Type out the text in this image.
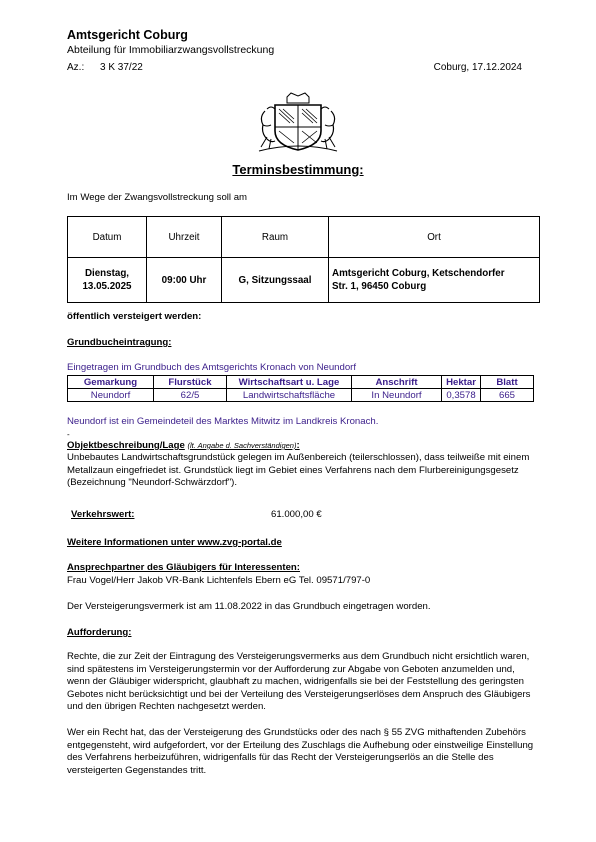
Amtsgericht Coburg
Abteilung für Immobiliarzwangsvollstreckung
Az.: 3 K 37/22	Coburg, 17.12.2024
Terminsbestimmung:
Im Wege der Zwangsvollstreckung soll am
Datum	Uhrzeit	Raum	Ort
Dienstag,
13.05.2025	09:00 Uhr	G, Sitzungssaal	Amtsgericht Coburg, Ketschendorfer
Str. 1, 96450 Coburg
öffentlich versteigert werden:
Grundbucheintragung:
Eingetragen im Grundbuch des Amtsgerichts Kronach von Neundorf
Gemarkung	Flurstück	Wirtschaftsart u. Lage	Anschrift	Hektar	Blatt
Neundorf	62/5	Landwirtschaftsfläche	In Neundorf	0,3578	665
Neundorf ist ein Gemeindeteil des Marktes Mitwitz im Landkreis Kronach.
-
Objektbeschreibung/Lage (lt. Angabe d. Sachverständigen):
Unbebautes Landwirtschaftsgrundstück gelegen im Außenbereich (teilerschlossen), dass teilweiße mit einem Metallzaun eingefriedet ist. Grundstück liegt im Gebiet eines Verfahrens nach dem Flurbereinigungsgesetz (Bezeichnung "Neundorf-Schwärzdorf").
Verkehrswert:	61.000,00 €
Weitere Informationen unter www.zvg-portal.de
Ansprechpartner des Gläubigers für Interessenten:
Frau Vogel/Herr Jakob VR-Bank Lichtenfels Ebern eG Tel. 09571/797-0
Der Versteigerungsvermerk ist am 11.08.2022 in das Grundbuch eingetragen worden.
Aufforderung:
Rechte, die zur Zeit der Eintragung des Versteigerungsvermerks aus dem Grundbuch nicht ersichtlich waren, sind spätestens im Versteigerungstermin vor der Aufforderung zur Abgabe von Geboten anzumelden und, wenn der Gläubiger widerspricht, glaubhaft zu machen, widrigenfalls sie bei der Feststellung des geringsten Gebotes nicht berücksichtigt und bei der Verteilung des Versteigerungserlöses dem Anspruch des Gläubigers und den übrigen Rechten nachgesetzt werden.
Wer ein Recht hat, das der Versteigerung des Grundstücks oder des nach § 55 ZVG mithaftenden Zubehörs entgegensteht, wird aufgefordert, vor der Erteilung des Zuschlags die Aufhebung oder einstweilige Einstellung des Verfahrens herbeizuführen, widrigenfalls für das Recht der Versteigerungserlös an die Stelle des versteigerten Gegenstandes tritt.
